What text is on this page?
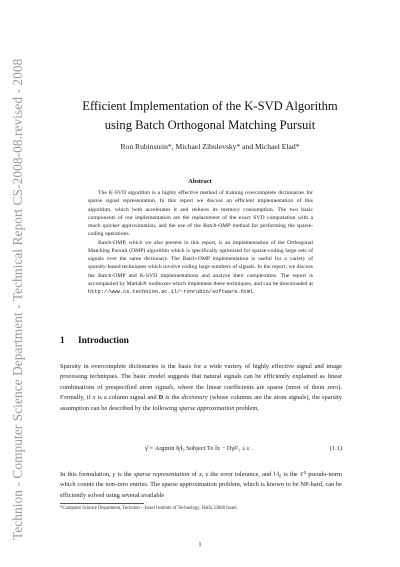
Technion - Computer Science Department - Technical Report CS-2008-08.revised - 2008	Efficient Implementation of the K-SVD Algorithm
using Batch Orthogonal Matching Pursuit
Ron Rubinstein*, Michael Zibulevsky* and Michael Elad*
Abstract

The K-SVD algorithm is a highly effective method of training overcomplete dictionaries for sparse signal representation. In this report we discuss an efficient implementation of this algorithm, which both accelerates it and reduces its memory consumption. The two basic components of our implementation are the replacement of the exact SVD computation with a much quicker approximation, and the use of the Batch-OMP method for performing the sparse-coding operations.

Batch-OMP, which we also present in this report, is an implementation of the Orthogonal Matching Pursuit (OMP) algorithm which is specifically optimized for sparse-coding large sets of signals over the same dictionary. The Batch-OMP implementation is useful for a variety of sparsity-based techniques which involve coding large numbers of signals. In the report, we discuss the Batch-OMP and K-SVD implementations and analyze their complexities. The report is accompanied by Matlab® toolboxes which implement these techniques, and can be downloaded at http://www.cs.technion.ac.il/~ronrubin/software.html.

1 Introduction
Sparsity in overcomplete dictionaries is the basis for a wide variety of highly effective signal and image processing techniques. The basic model suggests that natural signals can be efficiently explained as linear combinations of prespecified atom signals, where the linear coefficients are sparse (most of them zero). Formally, if x is a column signal and D is the dictionary (whose columns are the atom signals), the sparsity assumption can be described by the following sparse approximation problem,
γ̂ = Argmin ‖γ‖₀ Subject To ‖x − Dγ‖²₂ ≤ ε .	(1.1)
In this formulation, γ is the sparse representation of x, ε the error tolerance, and ‖·‖₀ is the ℓ⁰ pseudo-norm which counts the non-zero entries. The sparse approximation problem, which is known to be NP-hard, can be efficiently solved using several available
*Computer Science Department, Technion – Israel Institute of Technology, Haifa 32000 Israel.
1
